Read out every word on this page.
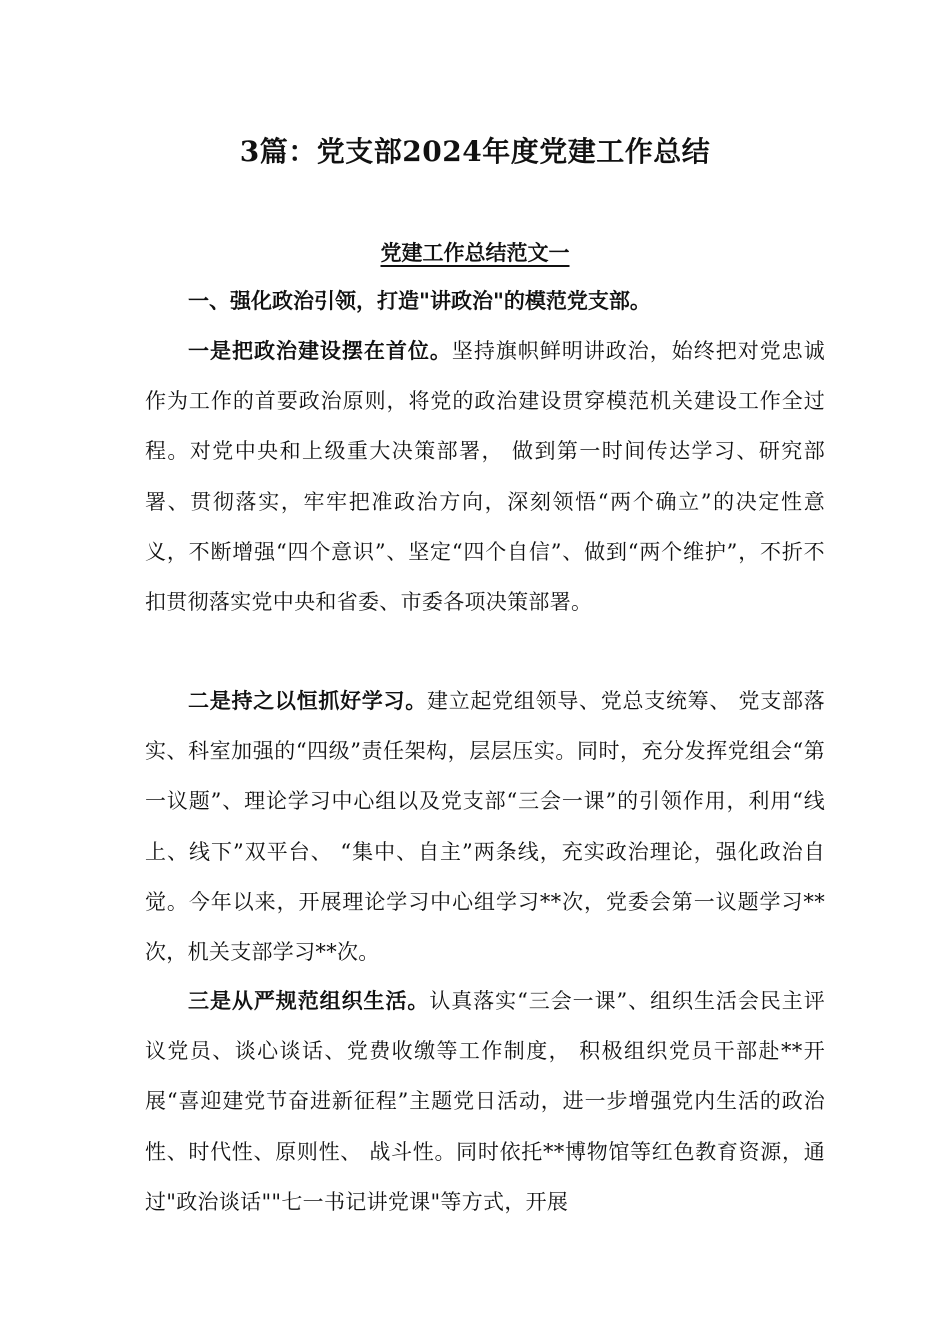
3篇：党支部2024年度党建工作总结
党建工作总结范文一
一、强化政治引领，打造"讲政治"的模范党支部。

一是把政治建设摆在首位。坚持旗帜鲜明讲政治，始终把对党忠诚作为工作的首要政治原则，将党的政治建设贯穿模范机关建设工作全过程。对党中央和上级重大决策部署， 做到第一时间传达学习、研究部署、贯彻落实，牢牢把准政治方向，深刻领悟“两个确立”的决定性意义，不断增强“四个意识”、坚定“四个自信”、做到“两个维护”，不折不扣贯彻落实党中央和省委、市委各项决策部署。

二是持之以恒抓好学习。建立起党组领导、党总支统筹、 党支部落实、科室加强的“四级”责任架构，层层压实。同时，充分发挥党组会“第一议题”、理论学习中心组以及党支部“三会一课”的引领作用，利用“线上、线下”双平台、 “集中、自主”两条线，充实政治理论，强化政治自觉。今年以来，开展理论学习中心组学习**次，党委会第一议题学习**次，机关支部学习**次。

三是从严规范组织生活。认真落实“三会一课”、组织生活会民主评议党员、谈心谈话、党费收缴等工作制度， 积极组织党员干部赴**开展“喜迎建党节奋进新征程”主题党日活动，进一步增强党内生活的政治性、时代性、原则性、 战斗性。同时依托**博物馆等红色教育资源，通过"政治谈话""七一书记讲党课"等方式，开展
